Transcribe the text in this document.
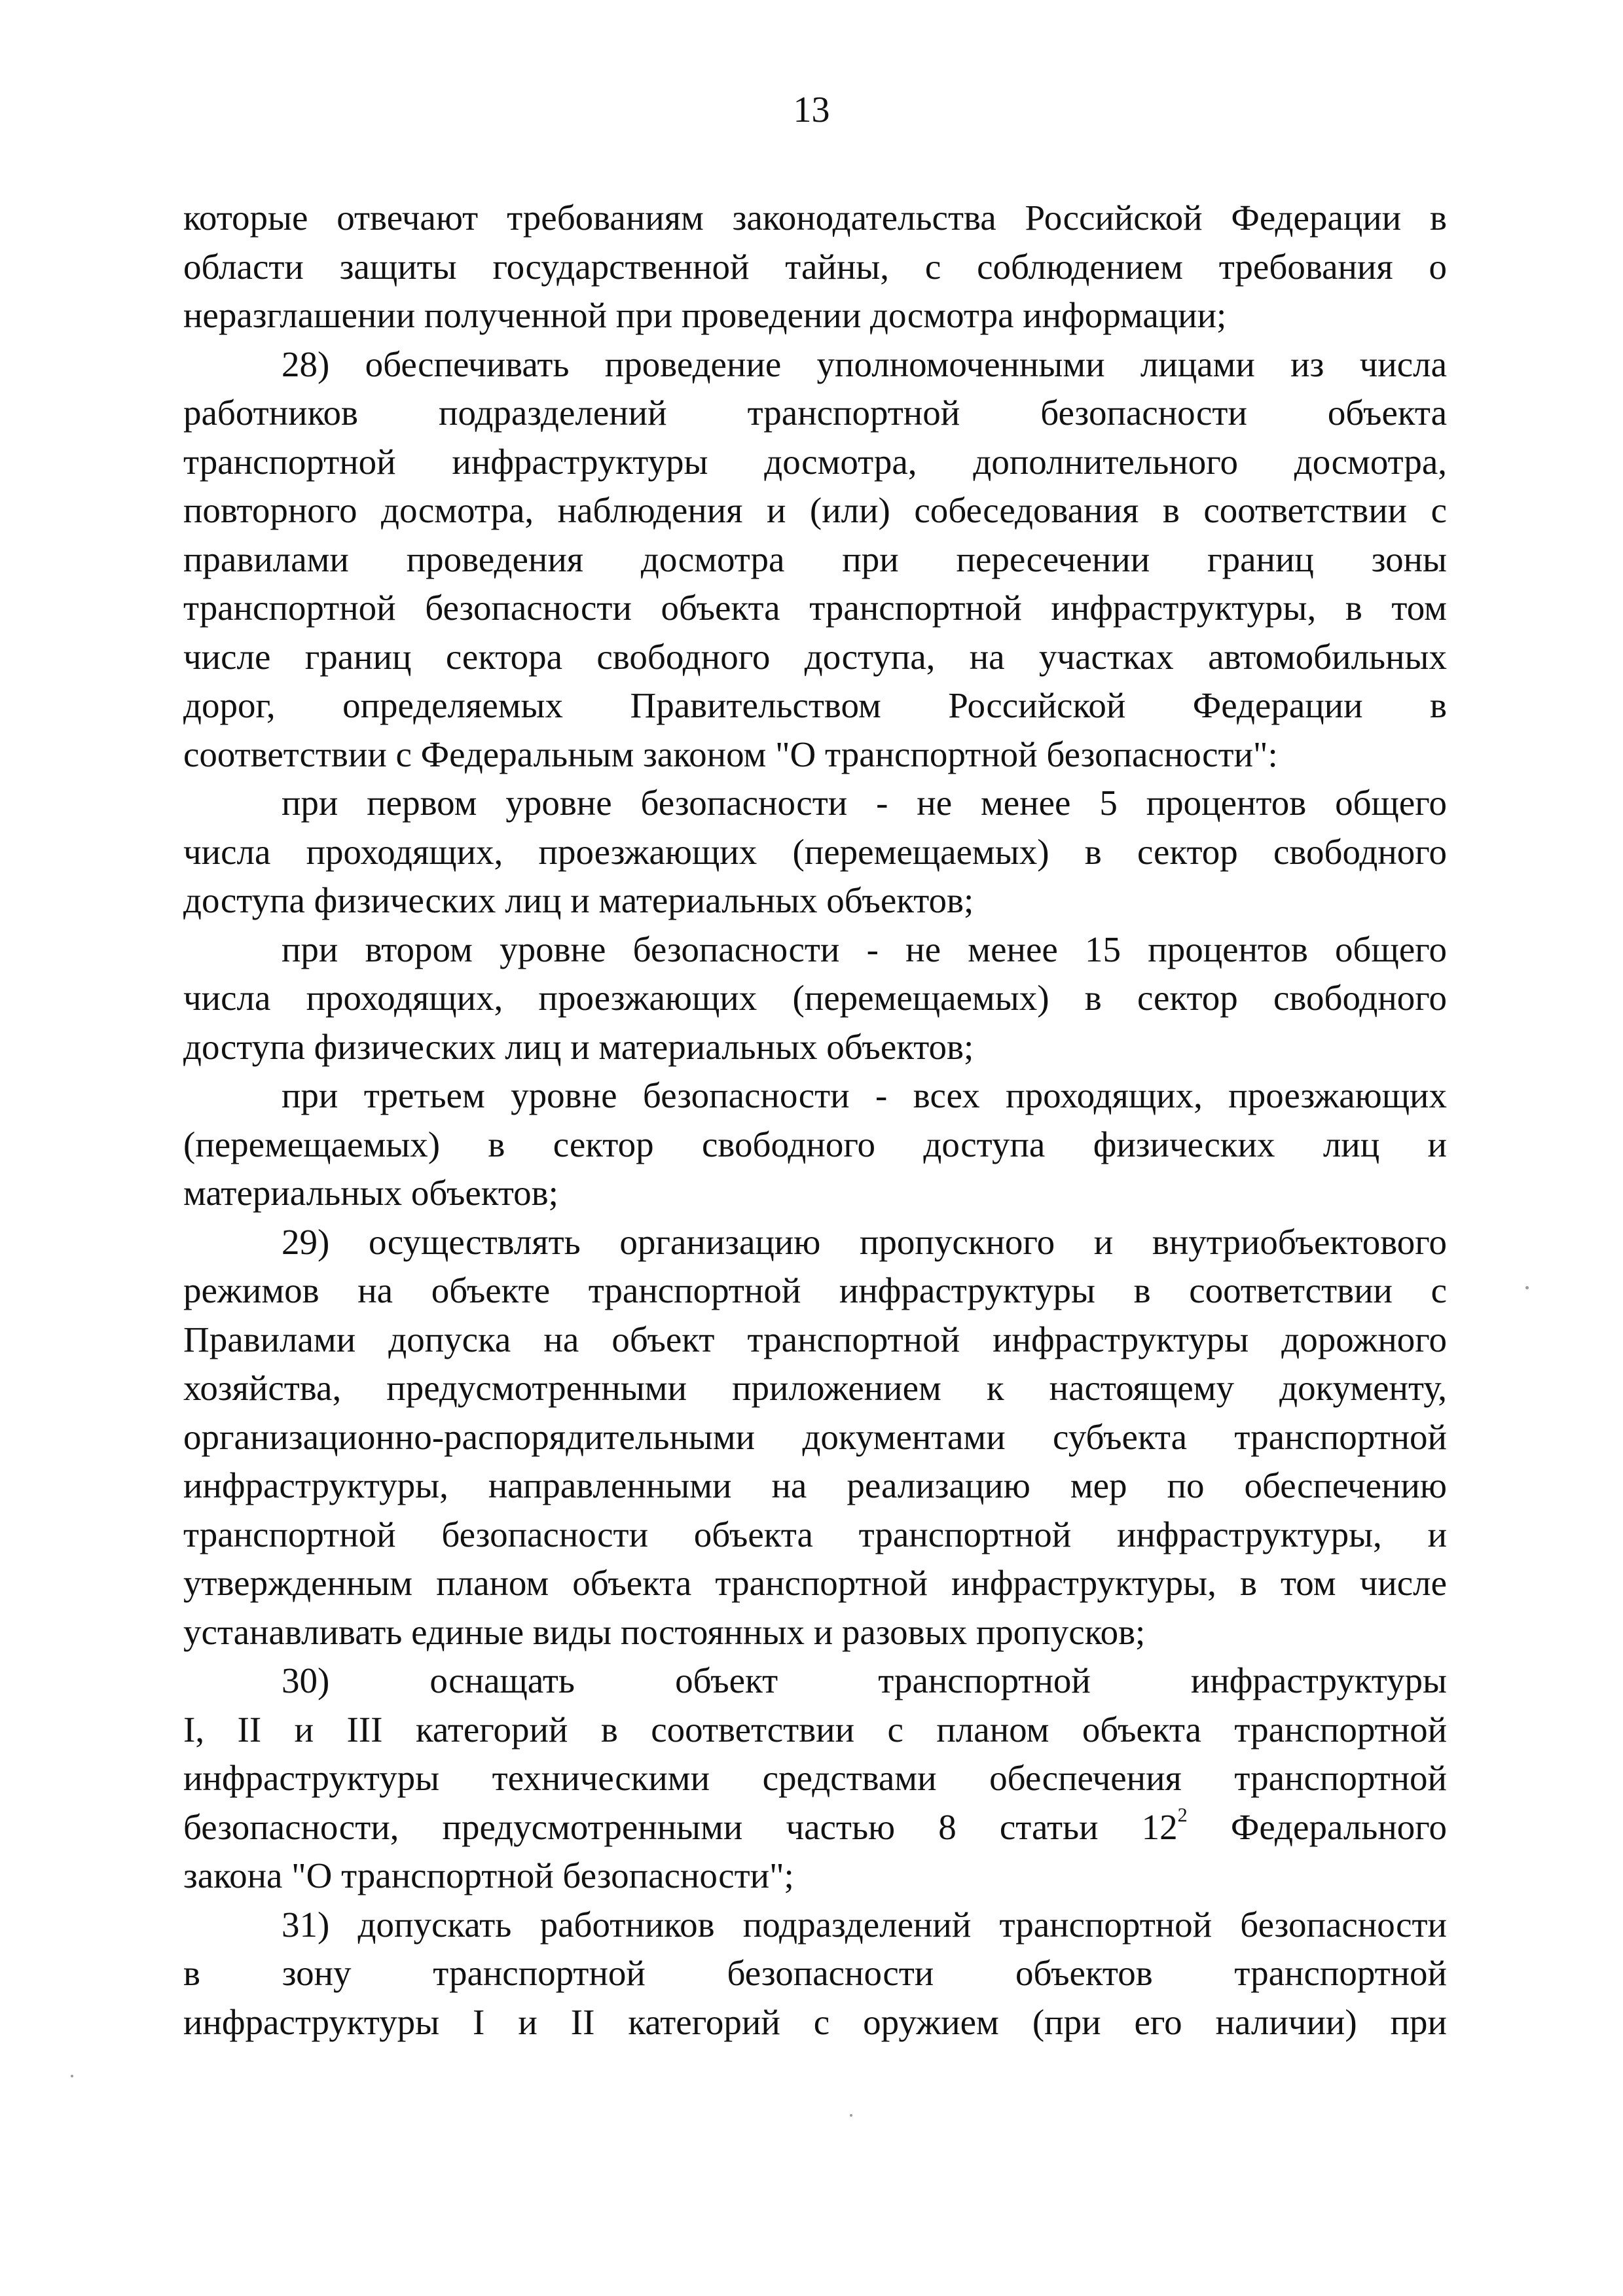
13
которые отвечают требованиям законодательства Российской Федерации в
области защиты государственной тайны, с соблюдением требования о
неразглашении полученной при проведении досмотра информации;
28) обеспечивать проведение уполномоченными лицами из числа
работников подразделений транспортной безопасности объекта
транспортной инфраструктуры досмотра, дополнительного досмотра,
повторного досмотра, наблюдения и (или) собеседования в соответствии с
правилами проведения досмотра при пересечении границ зоны
транспортной безопасности объекта транспортной инфраструктуры, в том
числе границ сектора свободного доступа, на участках автомобильных
дорог, определяемых Правительством Российской Федерации в
соответствии с Федеральным законом "О транспортной безопасности":
при первом уровне безопасности - не менее 5 процентов общего
числа проходящих, проезжающих (перемещаемых) в сектор свободного
доступа физических лиц и материальных объектов;
при втором уровне безопасности - не менее 15 процентов общего
числа проходящих, проезжающих (перемещаемых) в сектор свободного
доступа физических лиц и материальных объектов;
при третьем уровне безопасности - всех проходящих, проезжающих
(перемещаемых) в сектор свободного доступа физических лиц и
материальных объектов;
29) осуществлять организацию пропускного и внутриобъектового
режимов на объекте транспортной инфраструктуры в соответствии с
Правилами допуска на объект транспортной инфраструктуры дорожного
хозяйства, предусмотренными приложением к настоящему документу,
организационно-распорядительными документами субъекта транспортной
инфраструктуры, направленными на реализацию мер по обеспечению
транспортной безопасности объекта транспортной инфраструктуры, и
утвержденным планом объекта транспортной инфраструктуры, в том числе
устанавливать единые виды постоянных и разовых пропусков;
30) оснащать объект транспортной инфраструктуры
I, II и III категорий в соответствии с планом объекта транспортной
инфраструктуры техническими средствами обеспечения транспортной
безопасности, предусмотренными частью 8 статьи $12^2$ Федерального
закона "О транспортной безопасности";
31) допускать работников подразделений транспортной безопасности
в зону транспортной безопасности объектов транспортной
инфраструктуры I и II категорий с оружием (при его наличии) при
